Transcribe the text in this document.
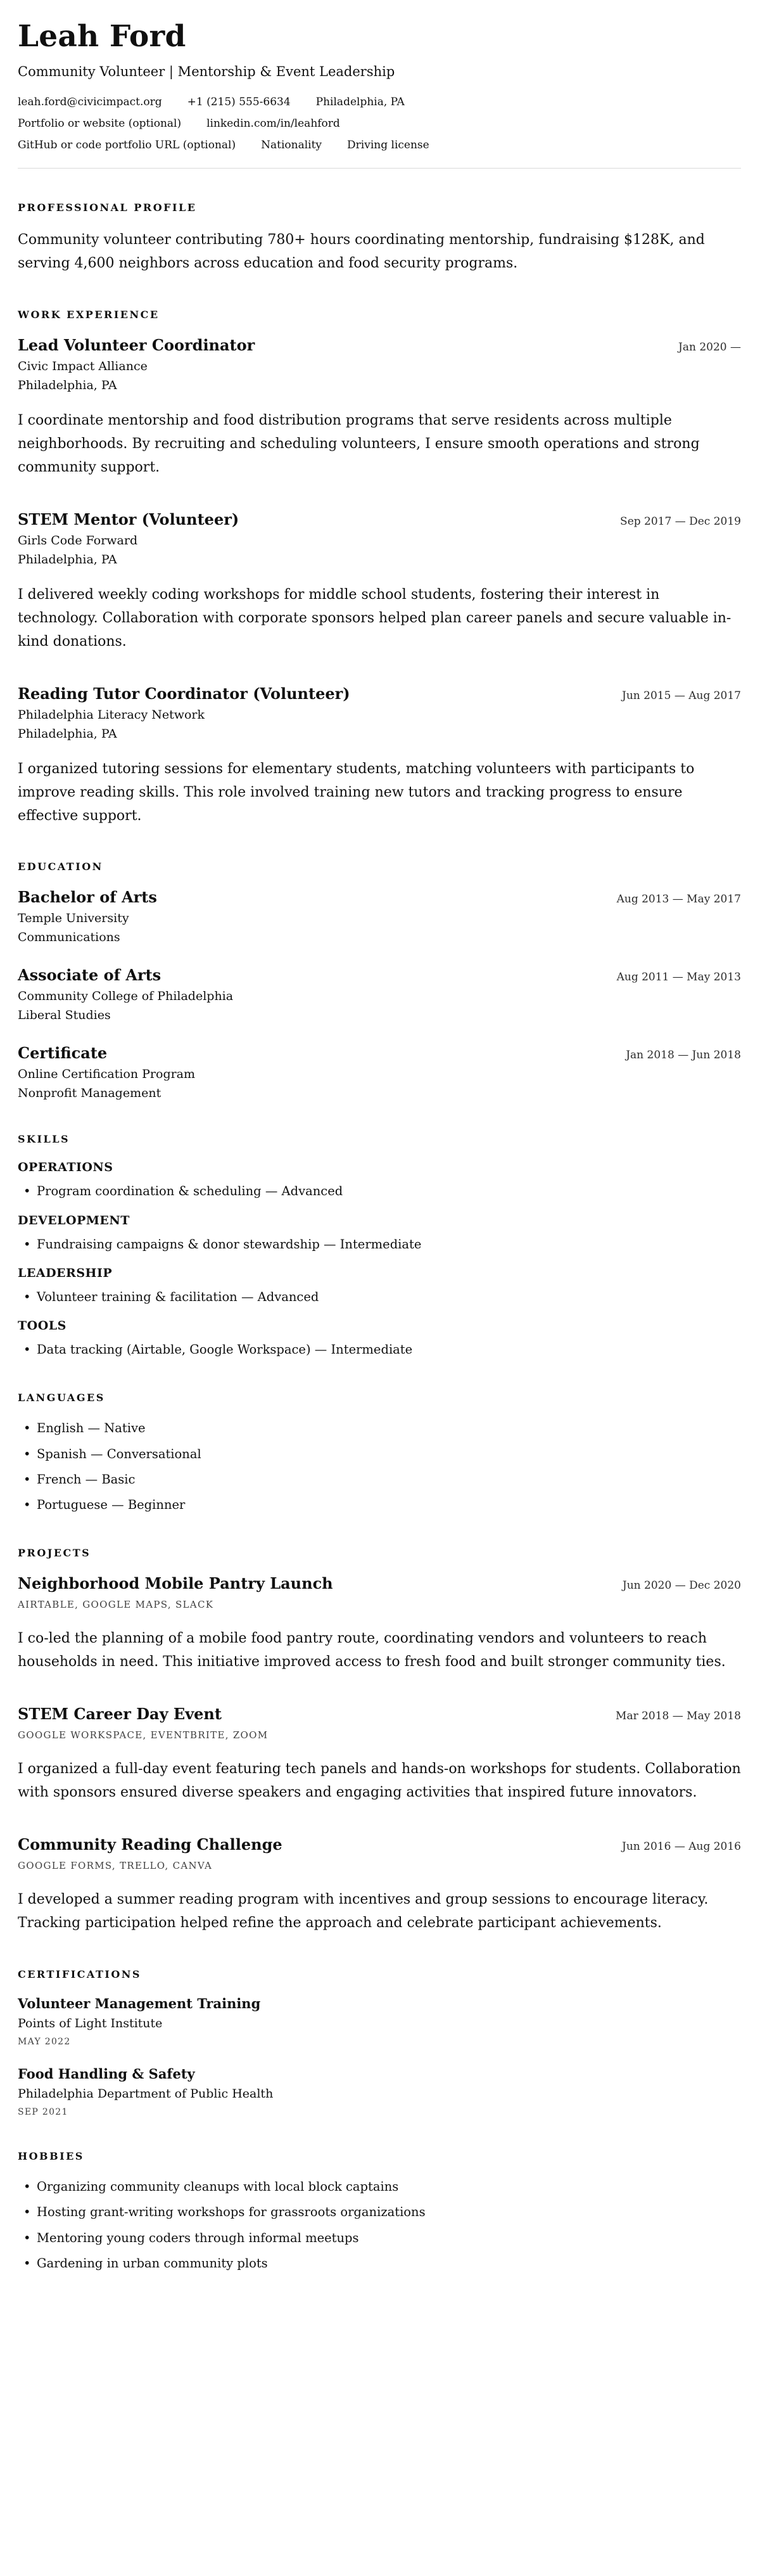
Leah Ford

Community Volunteer | Mentorship & Event Leadership

leah.ford@civicimpact.org +1 (215) 555-6634 Philadelphia, PA
Portfolio or website (optional) linkedin.com/in/leahford
GitHub or code portfolio URL (optional) Nationality Driving license
PROFESSIONAL PROFILE

Community volunteer contributing 780+ hours coordinating mentorship, fundraising $128K, and serving 4,600 neighbors across education and food security programs.

WORK EXPERIENCE
Lead Volunteer Coordinator	Jan 2020 —

Civic Impact Alliance

Philadelphia, PA

I coordinate mentorship and food distribution programs that serve residents across multiple neighborhoods. By recruiting and scheduling volunteers, I ensure smooth operations and strong community support.

STEM Mentor (Volunteer)	Sep 2017 — Dec 2019

Girls Code Forward

Philadelphia, PA

I delivered weekly coding workshops for middle school students, fostering their interest in technology. Collaboration with corporate sponsors helped plan career panels and secure valuable in-kind donations.

Reading Tutor Coordinator (Volunteer)	Jun 2015 — Aug 2017

Philadelphia Literacy Network

Philadelphia, PA

I organized tutoring sessions for elementary students, matching volunteers with participants to improve reading skills. This role involved training new tutors and tracking progress to ensure effective support.

EDUCATION
Bachelor of Arts	Aug 2013 — May 2017

Temple University

Communications

Associate of Arts	Aug 2011 — May 2013

Community College of Philadelphia

Liberal Studies

Certificate	Jan 2018 — Jun 2018

Online Certification Program

Nonprofit Management

SKILLS
OPERATIONS
• Program coordination & scheduling — Advanced
DEVELOPMENT
• Fundraising campaigns & donor stewardship — Intermediate
LEADERSHIP
• Volunteer training & facilitation — Advanced
TOOLS
• Data tracking (Airtable, Google Workspace) — Intermediate
LANGUAGES
• English — Native
• Spanish — Conversational
• French — Basic
• Portuguese — Beginner
PROJECTS
Neighborhood Mobile Pantry Launch	Jun 2020 — Dec 2020

AIRTABLE, GOOGLE MAPS, SLACK

I co-led the planning of a mobile food pantry route, coordinating vendors and volunteers to reach households in need. This initiative improved access to fresh food and built stronger community ties.

STEM Career Day Event	Mar 2018 — May 2018

GOOGLE WORKSPACE, EVENTBRITE, ZOOM

I organized a full-day event featuring tech panels and hands-on workshops for students. Collaboration with sponsors ensured diverse speakers and engaging activities that inspired future innovators.

Community Reading Challenge	Jun 2016 — Aug 2016

GOOGLE FORMS, TRELLO, CANVA

I developed a summer reading program with incentives and group sessions to encourage literacy. Tracking participation helped refine the approach and celebrate participant achievements.

CERTIFICATIONS
Volunteer Management Training

Points of Light Institute

MAY 2022

Food Handling & Safety

Philadelphia Department of Public Health

SEP 2021

HOBBIES
• Organizing community cleanups with local block captains
• Hosting grant-writing workshops for grassroots organizations
• Mentoring young coders through informal meetups
• Gardening in urban community plots
